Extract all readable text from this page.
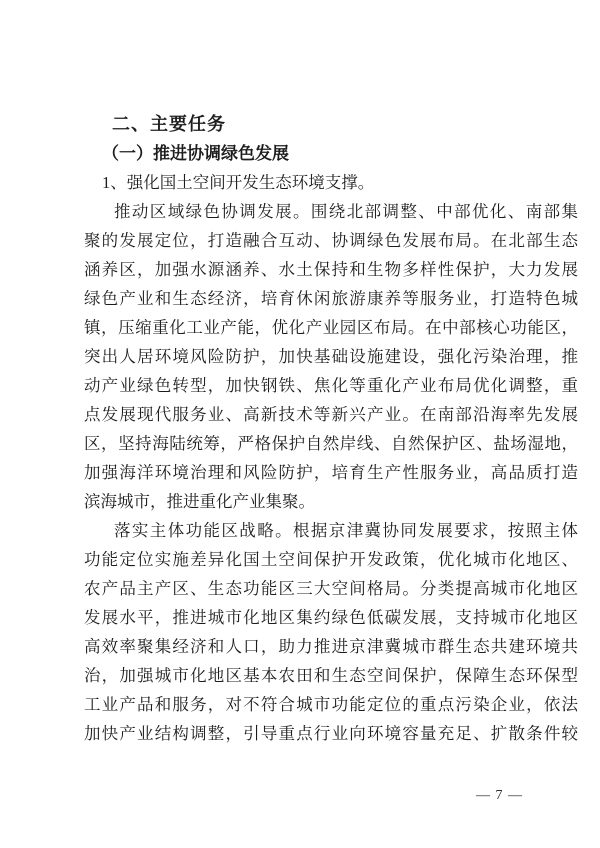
二、主要任务
（一）推进协调绿色发展
1、强化国土空间开发生态环境支撑。
推动区域绿色协调发展。围绕北部调整、中部优化、南部集
聚的发展定位，打造融合互动、协调绿色发展布局。在北部生态
涵养区，加强水源涵养、水土保持和生物多样性保护，大力发展
绿色产业和生态经济，培育休闲旅游康养等服务业，打造特色城
镇，压缩重化工业产能，优化产业园区布局。在中部核心功能区，
突出人居环境风险防护，加快基础设施建设，强化污染治理，推
动产业绿色转型，加快钢铁、焦化等重化产业布局优化调整，重
点发展现代服务业、高新技术等新兴产业。在南部沿海率先发展
区，坚持海陆统筹，严格保护自然岸线、自然保护区、盐场湿地，
加强海洋环境治理和风险防护，培育生产性服务业，高品质打造
滨海城市，推进重化产业集聚。
落实主体功能区战略。根据京津冀协同发展要求，按照主体
功能定位实施差异化国土空间保护开发政策，优化城市化地区、
农产品主产区、生态功能区三大空间格局。分类提高城市化地区
发展水平，推进城市化地区集约绿色低碳发展，支持城市化地区
高效率聚集经济和人口，助力推进京津冀城市群生态共建环境共
治，加强城市化地区基本农田和生态空间保护，保障生态环保型
工业产品和服务，对不符合城市功能定位的重点污染企业，依法
加快产业结构调整，引导重点行业向环境容量充足、扩散条件较
— 7 —
